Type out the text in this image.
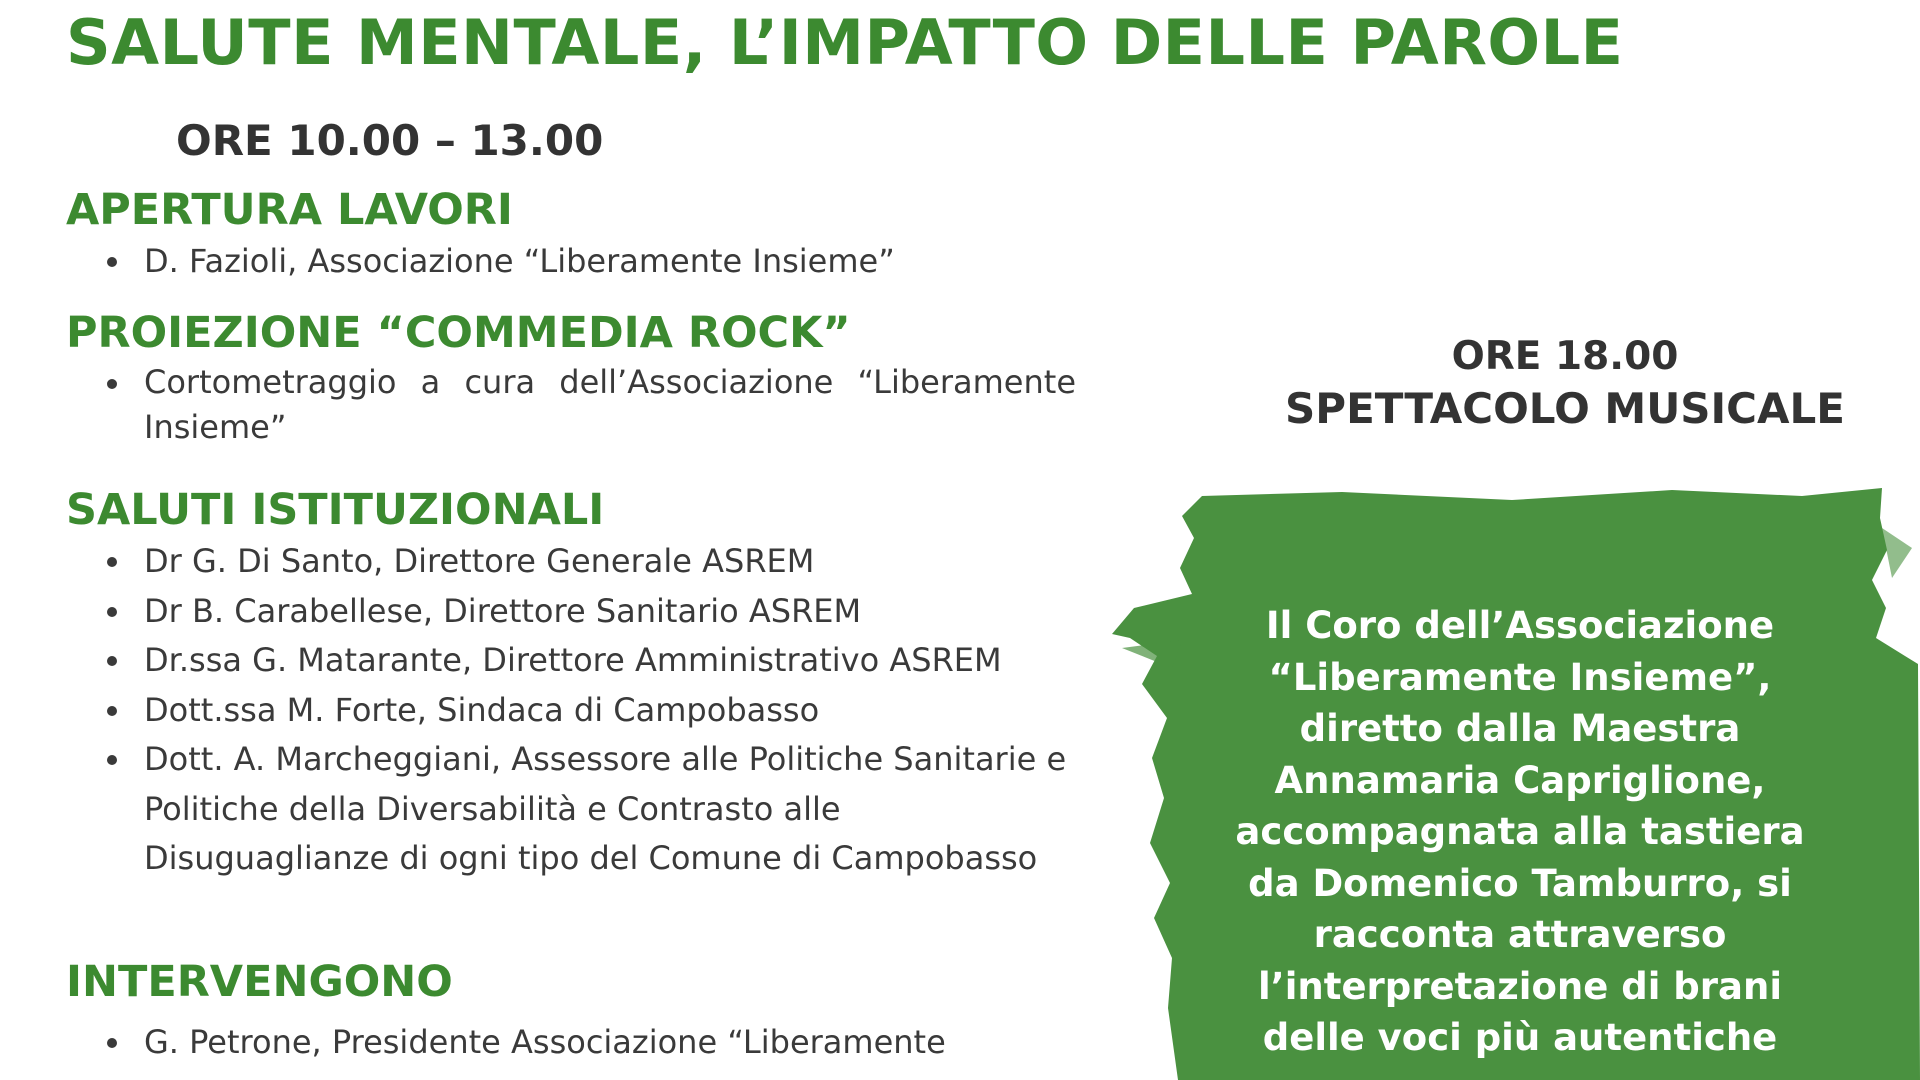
SALUTE MENTALE, L’IMPATTO DELLE PAROLE
ORE 10.00 – 13.00
APERTURA LAVORI
D. Fazioli, Associazione “Liberamente Insieme”
PROIEZIONE “COMMEDIA ROCK”
Cortometraggio a cura dell’Associazione “Liberamente Insieme”
SALUTI ISTITUZIONALI
Dr G. Di Santo, Direttore Generale ASREM
Dr B. Carabellese, Direttore Sanitario ASREM
Dr.ssa G. Matarante, Direttore Amministrativo ASREM
Dott.ssa M. Forte, Sindaca di Campobasso
Dott. A. Marcheggiani, Assessore alle Politiche Sanitarie e Politiche della Diversabilità e Contrasto alle Disuguaglianze di ogni tipo del Comune di Campobasso
INTERVENGONO
G. Petrone, Presidente Associazione “Liberamente
ORE 18.00
SPETTACOLO MUSICALE

Il Coro dell’Associazione

“Liberamente Insieme”,

diretto dalla Maestra

Annamaria Capriglione,

accompagnata alla tastiera

da Domenico Tamburro, si

racconta attraverso

l’interpretazione di brani

delle voci più autentiche
